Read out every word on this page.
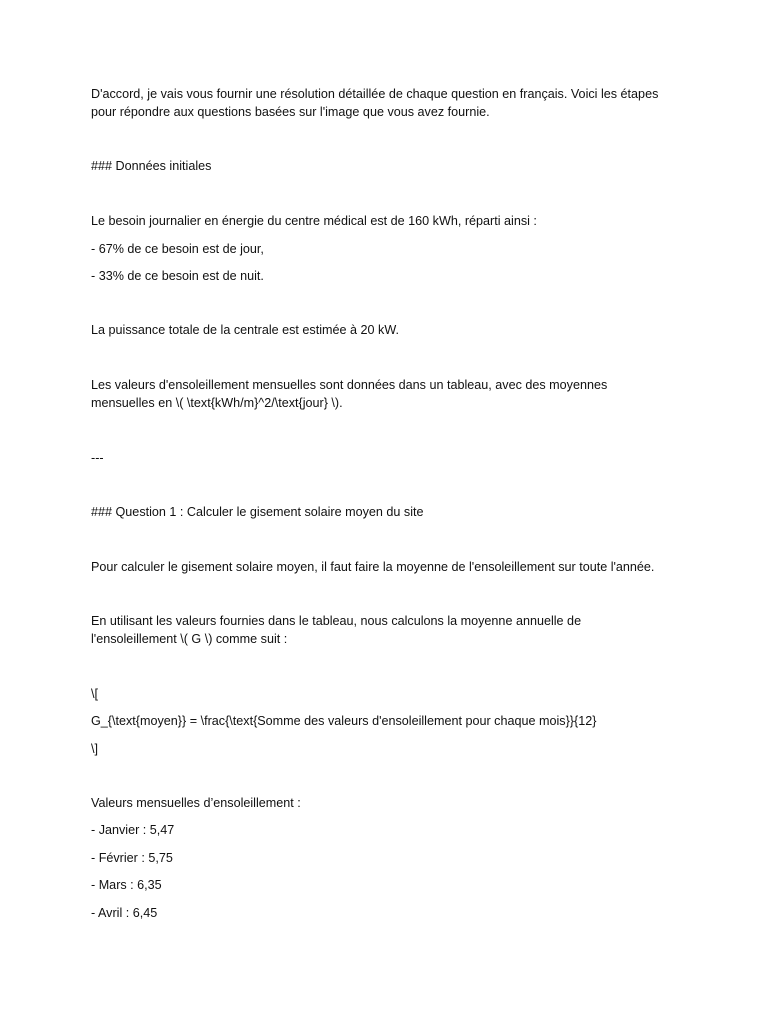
D'accord, je vais vous fournir une résolution détaillée de chaque question en français. Voici les étapes
pour répondre aux questions basées sur l'image que vous avez fournie.
### Données initiales
Le besoin journalier en énergie du centre médical est de 160 kWh, réparti ainsi :
- 67% de ce besoin est de jour,
- 33% de ce besoin est de nuit.
La puissance totale de la centrale est estimée à 20 kW.
Les valeurs d'ensoleillement mensuelles sont données dans un tableau, avec des moyennes
mensuelles en \( \text{kWh/m}^2/\text{jour} \).
---
### Question 1 : Calculer le gisement solaire moyen du site
Pour calculer le gisement solaire moyen, il faut faire la moyenne de l'ensoleillement sur toute l'année.
En utilisant les valeurs fournies dans le tableau, nous calculons la moyenne annuelle de
l'ensoleillement \( G \) comme suit :
\[
G_{\text{moyen}} = \frac{\text{Somme des valeurs d'ensoleillement pour chaque mois}}{12}
\]
Valeurs mensuelles d’ensoleillement :
- Janvier : 5,47
- Février : 5,75
- Mars : 6,35
- Avril : 6,45
